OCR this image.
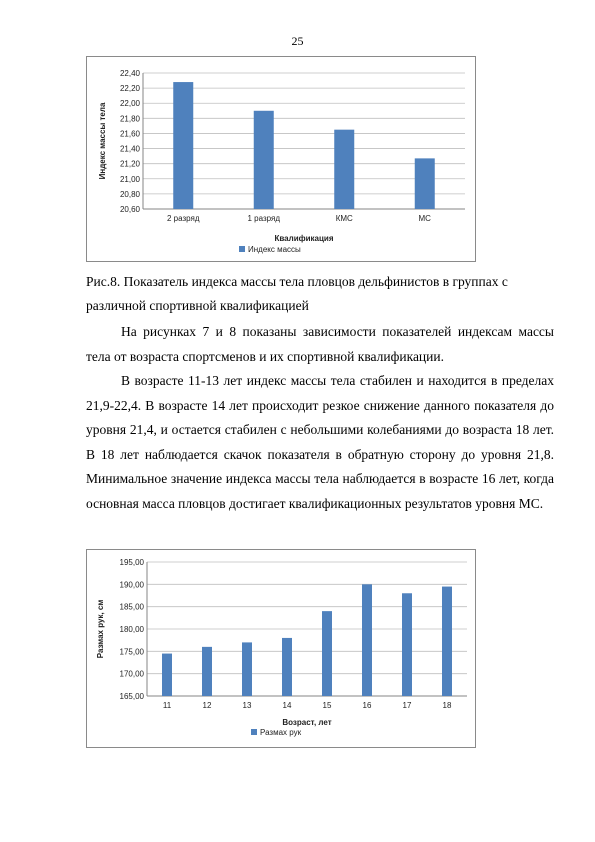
25
20,60
20,80
21,00
21,20
21,40
21,60
21,80
22,00
22,20
22,40
2 разряд	1 разряд	КМС	МС
Квалификация
Индекс массы тела
Индекс массы
Рис.8. Показатель индекса массы тела пловцов дельфинистов в группах с
различной спортивной квалификацией
На рисунках 7 и 8 показаны зависимости показателей индексам массы тела от возраста спортсменов и их спортивной квалификации.
В возрасте 11-13 лет индекс массы тела стабилен и находится в пределах 21,9-22,4. В возрасте 14 лет происходит резкое снижение данного показателя до уровня 21,4, и остается стабилен с небольшими колебаниями до возраста 18 лет. В 18 лет наблюдается скачок показателя в обратную сторону до уровня 21,8. Минимальное значение индекса массы тела наблюдается в возрасте 16 лет, когда основная масса пловцов достигает квалификационных результатов уровня МС.
165,00
170,00
175,00
180,00
185,00
190,00
195,00
11	12	13	14	15	16	17	18
Возраст, лет
Размах рук, см
Размах рук
